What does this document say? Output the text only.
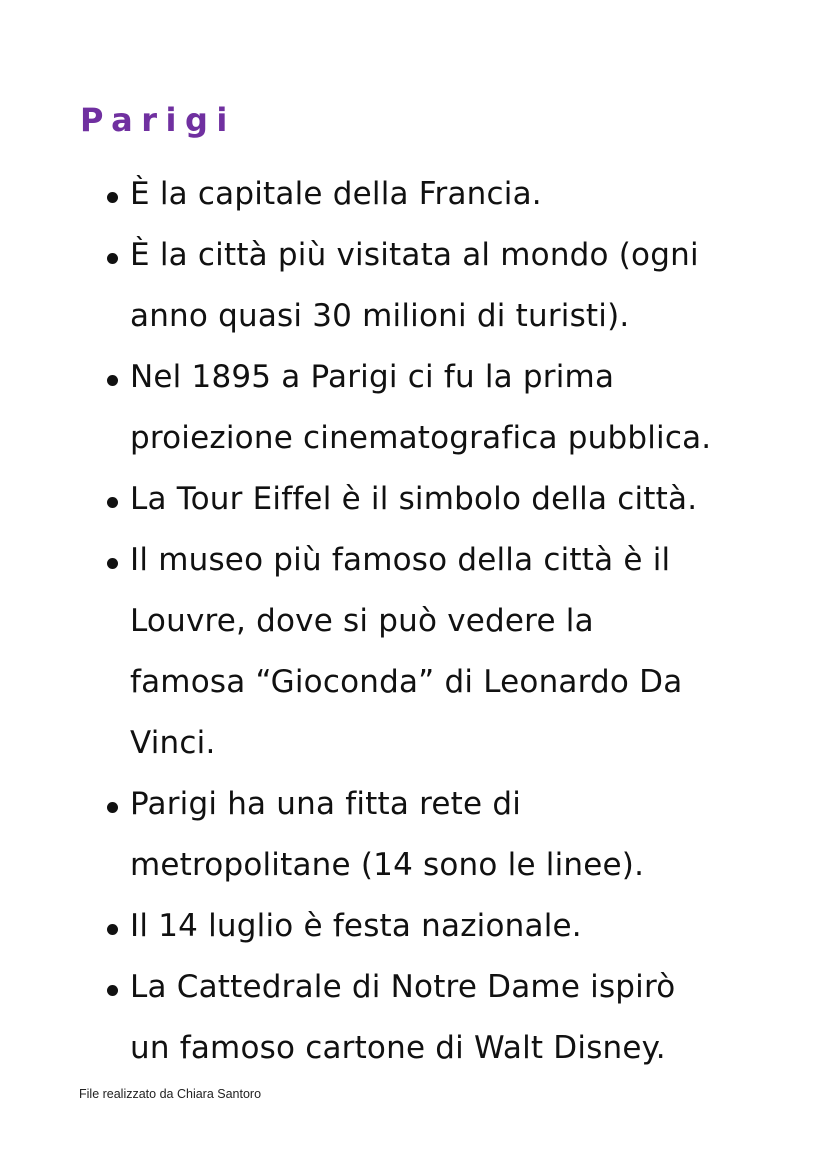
Parigi
È la capitale della Francia.
È la città più visitata al mondo (ogni
anno quasi 30 milioni di turisti).
Nel 1895 a Parigi ci fu la prima
proiezione cinematografica pubblica.
La Tour Eiffel è il simbolo della città.
Il museo più famoso della città è il
Louvre, dove si può vedere la
famosa “Gioconda” di Leonardo Da
Vinci.
Parigi ha una fitta rete di
metropolitane (14 sono le linee).
Il 14 luglio è festa nazionale.
La Cattedrale di Notre Dame ispirò
un famoso cartone di Walt Disney.
File realizzato da Chiara Santoro
